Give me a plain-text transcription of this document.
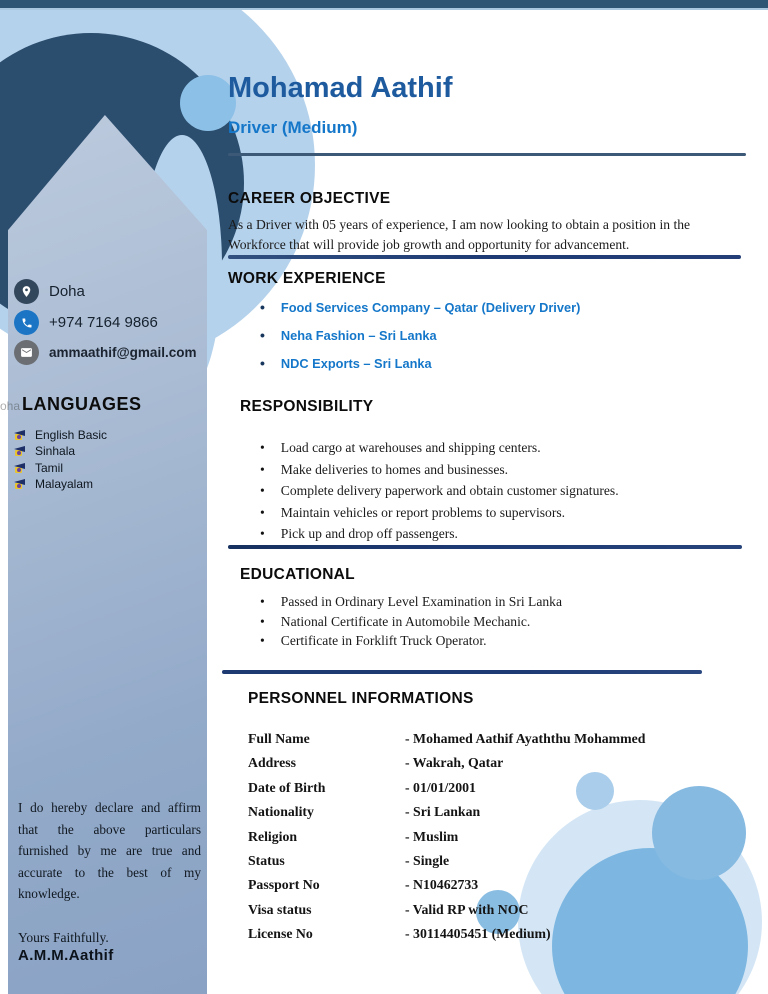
Doha
+974 7164 9866
ammaathif@gmail.com
oha LANGUAGES
English Basic
Sinhala
Tamil
Malayalam
I do hereby declare and affirm that the above particulars furnished by me are true and accurate to the best of my knowledge.
Yours Faithfully.
A.M.M.Aathif
Mohamad Aathif
Driver (Medium)
CAREER OBJECTIVE
As a Driver with 05 years of experience, I am now looking to obtain a position in the Workforce that will provide job growth and opportunity for advancement.
WORK EXPERIENCE
• Food Services Company – Qatar (Delivery Driver)
• Neha Fashion – Sri Lanka
• NDC Exports – Sri Lanka
RESPONSIBILITY
• Load cargo at warehouses and shipping centers.
• Make deliveries to homes and businesses.
• Complete delivery paperwork and obtain customer signatures.
• Maintain vehicles or report problems to supervisors.
• Pick up and drop off passengers.
EDUCATIONAL
• Passed in Ordinary Level Examination in Sri Lanka
• National Certificate in Automobile Mechanic.
• Certificate in Forklift Truck Operator.
PERSONNEL INFORMATIONS
Full Name	- Mohamed Aathif Ayaththu Mohammed
Address	- Wakrah, Qatar
Date of Birth	- 01/01/2001
Nationality	- Sri Lankan
Religion	- Muslim
Status	- Single
Passport No	- N10462733
Visa status	- Valid RP with NOC
License No	- 30114405451 (Medium)
